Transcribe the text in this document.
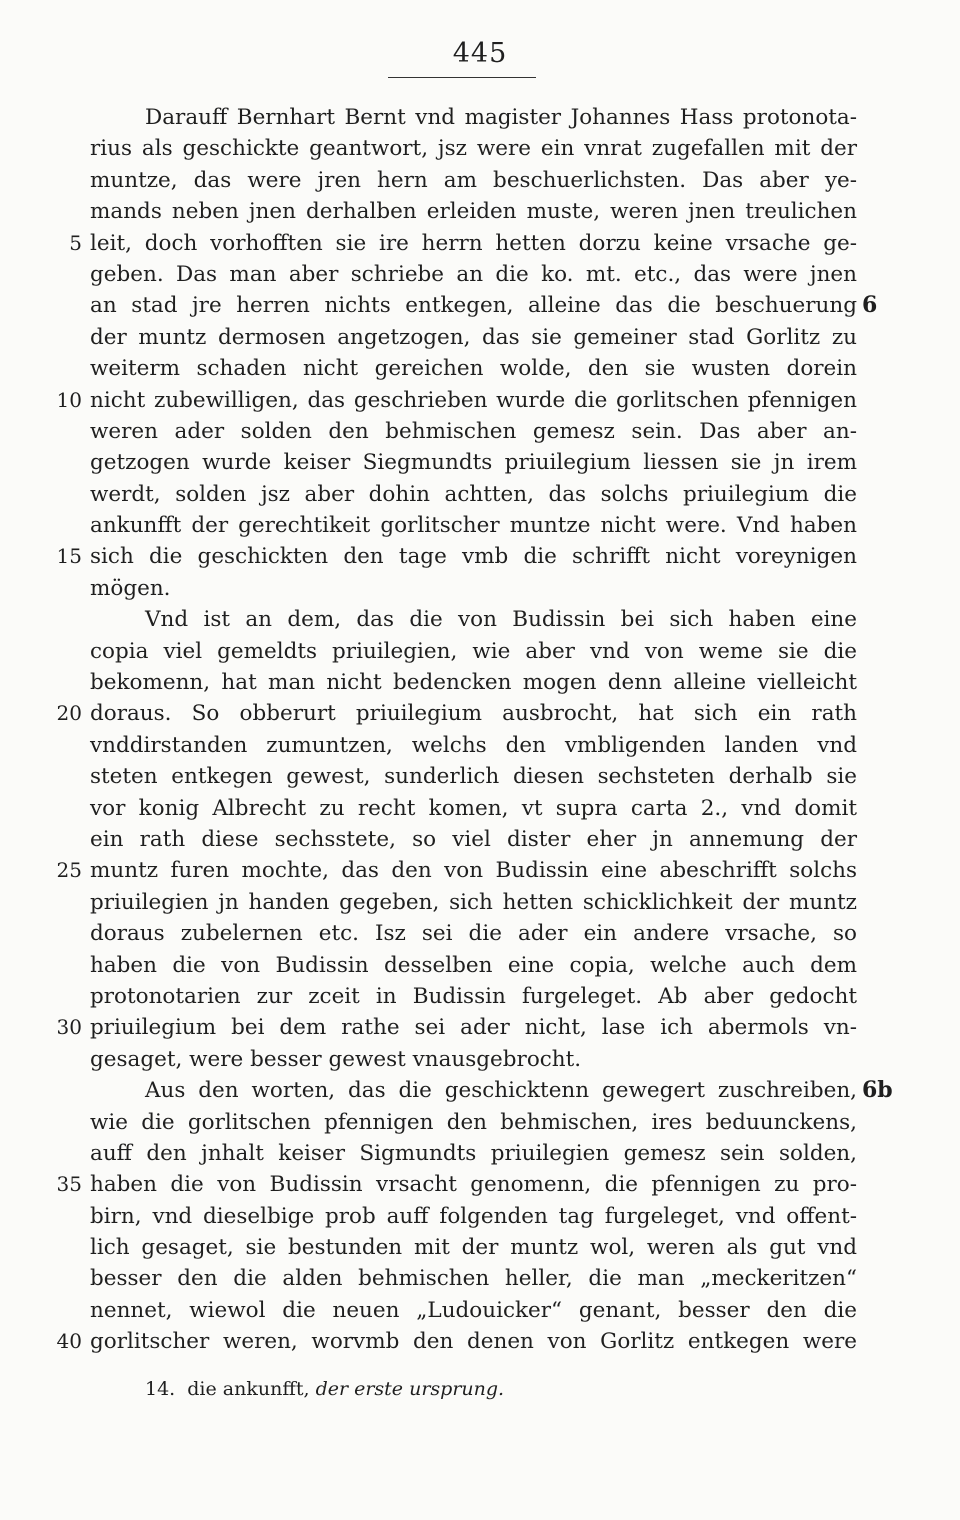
445
Darauff Bernhart Bernt vnd magister Johannes Hass protonota-
rius als geschickte geantwort, jsz were ein vnrat zugefallen mit der
muntze, das were jren hern am beschuerlichsten. Das aber ye-
mands neben jnen derhalben erleiden muste, weren jnen treulichen
5 leit, doch vorhofften sie ire herrn hetten dorzu keine vrsache ge-
geben. Das man aber schriebe an die ko. mt. etc., das were jnen
an stad jre herren nichts entkegen, alleine das die beschuerung 6
der muntz dermosen angetzogen, das sie gemeiner stad Gorlitz zu
weiterm schaden nicht gereichen wolde, den sie wusten dorein
10 nicht zubewilligen, das geschrieben wurde die gorlitschen pfennigen
weren ader solden den behmischen gemesz sein. Das aber an-
getzogen wurde keiser Siegmundts priuilegium liessen sie jn irem
werdt, solden jsz aber dohin achtten, das solchs priuilegium die
ankunfft der gerechtikeit gorlitscher muntze nicht were. Vnd haben
15 sich die geschickten den tage vmb die schrifft nicht voreynigen
mögen.
Vnd ist an dem, das die von Budissin bei sich haben eine
copia viel gemeldts priuilegien, wie aber vnd von weme sie die
bekomenn, hat man nicht bedencken mogen denn alleine vielleicht
20 doraus. So obberurt priuilegium ausbrocht, hat sich ein rath
vnddirstanden zumuntzen, welchs den vmbligenden landen vnd
steten entkegen gewest, sunderlich diesen sechsteten derhalb sie
vor konig Albrecht zu recht komen, vt supra carta 2., vnd domit
ein rath diese sechsstete, so viel dister eher jn annemung der
25 muntz furen mochte, das den von Budissin eine abeschrifft solchs
priuilegien jn handen gegeben, sich hetten schicklichkeit der muntz
doraus zubelernen etc. Isz sei die ader ein andere vrsache, so
haben die von Budissin desselben eine copia, welche auch dem
protonotarien zur zceit in Budissin furgeleget. Ab aber gedocht
30 priuilegium bei dem rathe sei ader nicht, lase ich abermols vn-
gesaget, were besser gewest vnausgebrocht.
Aus den worten, das die geschicktenn gewegert zuschreiben, 6b
wie die gorlitschen pfennigen den behmischen, ires beduunckens,
auff den jnhalt keiser Sigmundts priuilegien gemesz sein solden,
35 haben die von Budissin vrsacht genomenn, die pfennigen zu pro-
birn, vnd dieselbige prob auff folgenden tag furgeleget, vnd offent-
lich gesaget, sie bestunden mit der muntz wol, weren als gut vnd
besser den die alden behmischen heller, die man „meckeritzen“
nennet, wiewol die neuen „Ludouicker“ genant, besser den die
40 gorlitscher weren, worvmb den denen von Gorlitz entkegen were
14. die ankunfft, der erste ursprung.
